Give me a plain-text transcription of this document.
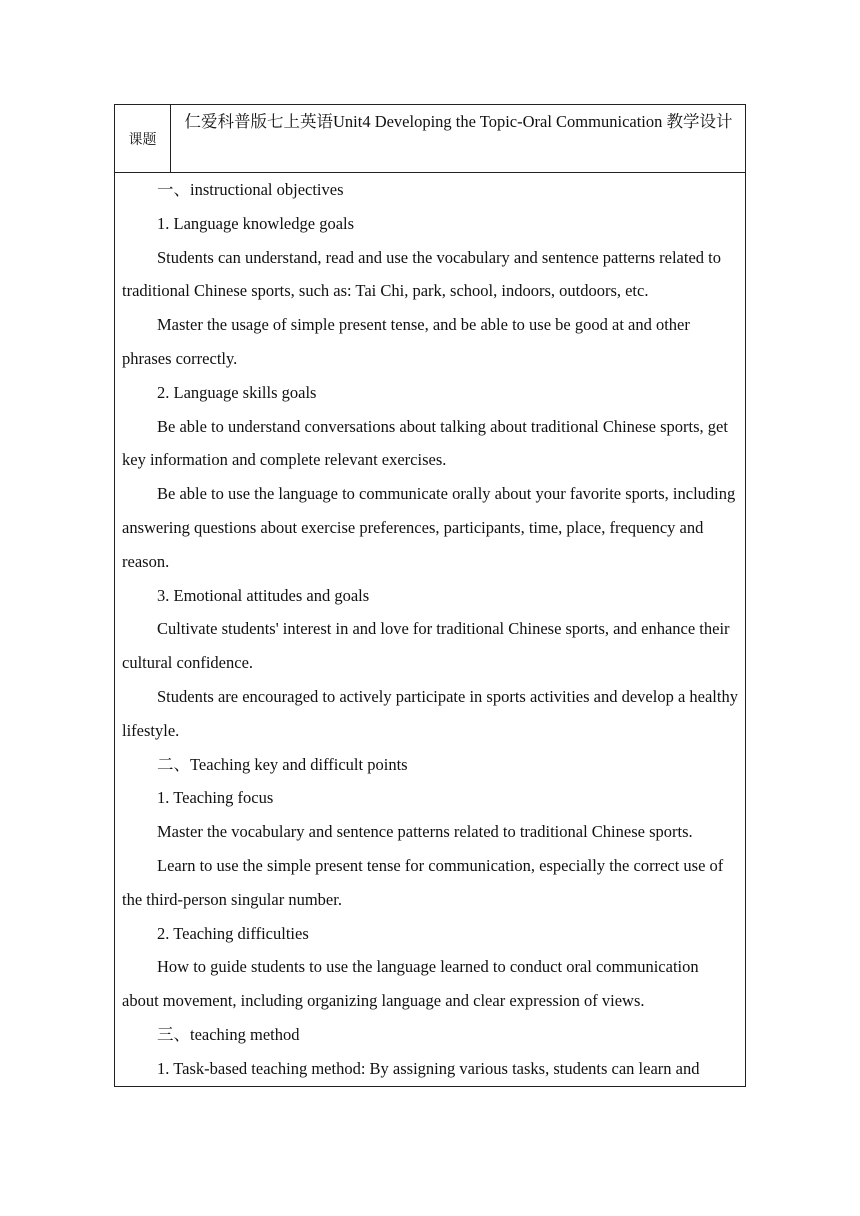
课题
仁爱科普版七上英语Unit4 Developing the Topic-Oral Communication 教学设计

一、instructional objectives

1. Language knowledge goals

Students can understand, read and use the vocabulary and sentence patterns related to traditional Chinese sports, such as: Tai Chi, park, school, indoors, outdoors, etc.

Master the usage of simple present tense, and be able to use be good at and other phrases correctly.

2. Language skills goals

Be able to understand conversations about talking about traditional Chinese sports, get key information and complete relevant exercises.

Be able to use the language to communicate orally about your favorite sports, including answering questions about exercise preferences, participants, time, place, frequency and reason.

3. Emotional attitudes and goals

Cultivate students' interest in and love for traditional Chinese sports, and enhance their cultural confidence.

Students are encouraged to actively participate in sports activities and develop a healthy lifestyle.

二、Teaching key and difficult points

1. Teaching focus

Master the vocabulary and sentence patterns related to traditional Chinese sports.

Learn to use the simple present tense for communication, especially the correct use of the third-person singular number.

2. Teaching difficulties

How to guide students to use the language learned to conduct oral communication about movement, including organizing language and clear expression of views.

三、teaching method

1. Task-based teaching method: By assigning various tasks, students can learn and
